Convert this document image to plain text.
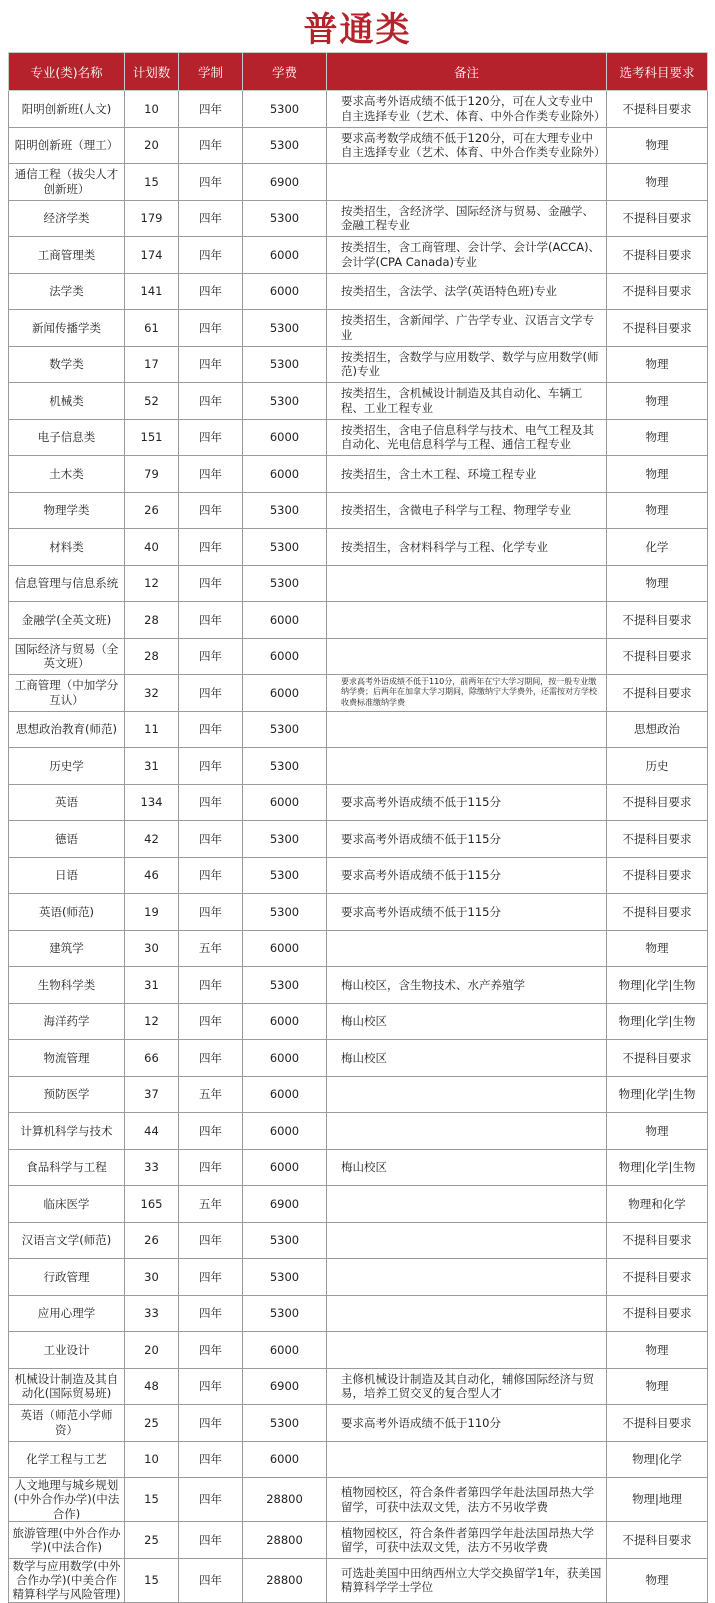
普通类
专业(类)名称	计划数	学制	学费	备注	选考科目要求
阳明创新班(人文)	10	四年	5300	要求高考外语成绩不低于120分，可在人文专业中自主选择专业（艺术、体育、中外合作类专业除外）	不提科目要求
阳明创新班（理工）	20	四年	5300	要求高考数学成绩不低于120分，可在大理专业中自主选择专业（艺术、体育、中外合作类专业除外）	物理
通信工程（拔尖人才创新班）	15	四年	6900		物理
经济学类	179	四年	5300	按类招生，含经济学、国际经济与贸易、金融学、金融工程专业	不提科目要求
工商管理类	174	四年	6000	按类招生，含工商管理、会计学、会计学(ACCA)、会计学(CPA Canada)专业	不提科目要求
法学类	141	四年	6000	按类招生，含法学、法学(英语特色班)专业	不提科目要求
新闻传播学类	61	四年	5300	按类招生，含新闻学、广告学专业、汉语言文学专业	不提科目要求
数学类	17	四年	5300	按类招生，含数学与应用数学、数学与应用数学(师范)专业	物理
机械类	52	四年	5300	按类招生，含机械设计制造及其自动化、车辆工程、工业工程专业	物理
电子信息类	151	四年	6000	按类招生，含电子信息科学与技术、电气工程及其自动化、光电信息科学与工程、通信工程专业	物理
土木类	79	四年	6000	按类招生，含土木工程、环境工程专业	物理
物理学类	26	四年	5300	按类招生，含微电子科学与工程、物理学专业	物理
材料类	40	四年	5300	按类招生，含材料科学与工程、化学专业	化学
信息管理与信息系统	12	四年	5300		物理
金融学(全英文班)	28	四年	6000		不提科目要求
国际经济与贸易（全英文班）	28	四年	6000		不提科目要求
工商管理（中加学分互认）	32	四年	6000	要求高考外语成绩不低于110分，前两年在宁大学习期间，按一般专业缴纳学费；后两年在加拿大学习期间，除缴纳宁大学费外，还需按对方学校收费标准缴纳学费	不提科目要求
思想政治教育(师范)	11	四年	5300		思想政治
历史学	31	四年	5300		历史
英语	134	四年	6000	要求高考外语成绩不低于115分	不提科目要求
德语	42	四年	5300	要求高考外语成绩不低于115分	不提科目要求
日语	46	四年	5300	要求高考外语成绩不低于115分	不提科目要求
英语(师范)	19	四年	5300	要求高考外语成绩不低于115分	不提科目要求
建筑学	30	五年	6000		物理
生物科学类	31	四年	5300	梅山校区，含生物技术、水产养殖学	物理|化学|生物
海洋药学	12	四年	6000	梅山校区	物理|化学|生物
物流管理	66	四年	6000	梅山校区	不提科目要求
预防医学	37	五年	6000		物理|化学|生物
计算机科学与技术	44	四年	6000		物理
食品科学与工程	33	四年	6000	梅山校区	物理|化学|生物
临床医学	165	五年	6900		物理和化学
汉语言文学(师范)	26	四年	5300		不提科目要求
行政管理	30	四年	5300		不提科目要求
应用心理学	33	四年	5300		不提科目要求
工业设计	20	四年	6000		物理
机械设计制造及其自动化(国际贸易班)	48	四年	6900	主修机械设计制造及其自动化，辅修国际经济与贸易，培养工贸交叉的复合型人才	物理
英语（师范小学师资）	25	四年	5300	要求高考外语成绩不低于110分	不提科目要求
化学工程与工艺	10	四年	6000		物理|化学
人文地理与城乡规划(中外合作办学)(中法合作)	15	四年	28800	植物园校区，符合条件者第四学年赴法国昂热大学留学，可获中法双文凭，法方不另收学费	物理|地理
旅游管理(中外合作办学)(中法合作)	25	四年	28800	植物园校区，符合条件者第四学年赴法国昂热大学留学，可获中法双文凭，法方不另收学费	不提科目要求
数学与应用数学(中外合作办学)(中美合作精算科学与风险管理)	15	四年	28800	可选赴美国中田纳西州立大学交换留学1年，获美国精算科学学士学位	物理
